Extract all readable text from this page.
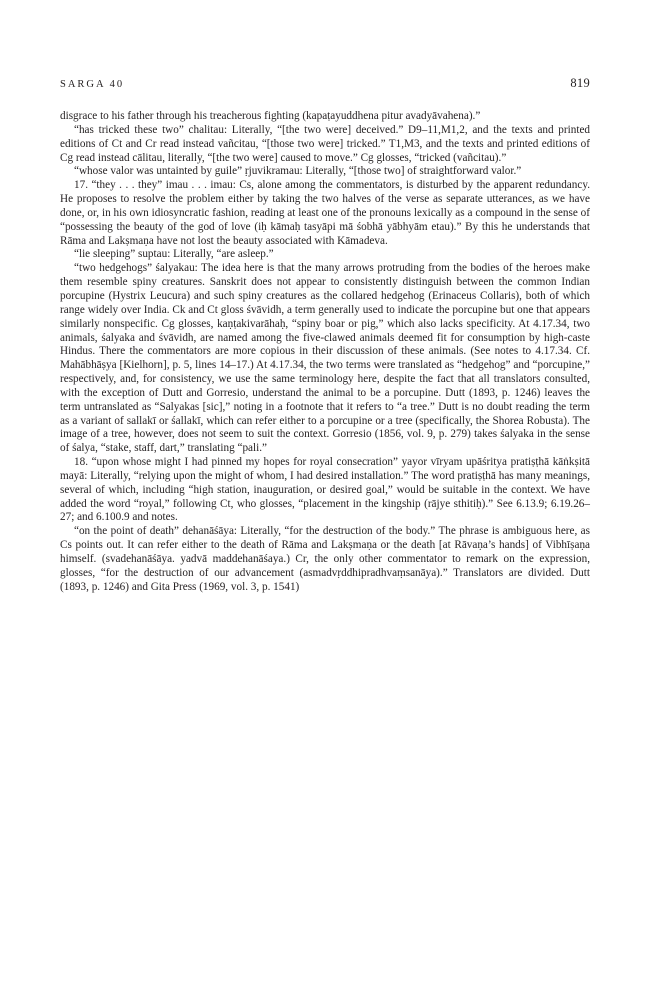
SARGA 40	819

disgrace to his father through his treacherous fighting (kapaṭayuddhena pitur avadyāvahena).”

“has tricked these two” chalitau: Literally, “[the two were] deceived.” D9–11,M1,2, and the texts and printed editions of Ct and Cr read instead vañcitau, “[those two were] tricked.” T1,M3, and the texts and printed editions of Cg read instead cālitau, literally, “[the two were] caused to move.” Cg glosses, “tricked (vañcitau).”

“whose valor was untainted by guile” ṛjuvikramau: Literally, “[those two] of straightforward valor.”

17. “they . . . they” imau . . . imau: Cs, alone among the commentators, is disturbed by the apparent redundancy. He proposes to resolve the problem either by taking the two halves of the verse as separate utterances, as we have done, or, in his own idiosyncratic fashion, reading at least one of the pronouns lexically as a compound in the sense of “possessing the beauty of the god of love (iḥ kāmaḥ tasyāpi mā śobhā yābhyām etau).” By this he understands that Rāma and Lakṣmaṇa have not lost the beauty associated with Kāmadeva.

“lie sleeping” suptau: Literally, “are asleep.”

“two hedgehogs” śalyakau: The idea here is that the many arrows protruding from the bodies of the heroes make them resemble spiny creatures. Sanskrit does not appear to consistently distinguish between the common Indian porcupine (Hystrix Leucura) and such spiny creatures as the collared hedgehog (Erinaceus Collaris), both of which range widely over India. Ck and Ct gloss śvāvidh, a term generally used to indicate the porcupine but one that appears similarly nonspecific. Cg glosses, kaṇṭakivarāhaḥ, “spiny boar or pig,” which also lacks specificity. At 4.17.34, two animals, śalyaka and śvāvidh, are named among the five-clawed animals deemed fit for consumption by high-caste Hindus. There the commentators are more copious in their discussion of these animals. (See notes to 4.17.34. Cf. Mahābhāṣya [Kielhorn], p. 5, lines 14–17.) At 4.17.34, the two terms were translated as “hedgehog” and “porcupine,” respectively, and, for consistency, we use the same terminology here, despite the fact that all translators consulted, with the exception of Dutt and Gorresio, understand the animal to be a porcupine. Dutt (1893, p. 1246) leaves the term untranslated as “Salyakas [sic],” noting in a footnote that it refers to “a tree.” Dutt is no doubt reading the term as a variant of sallakī or śallakī, which can refer either to a porcupine or a tree (specifically, the Shorea Robusta). The image of a tree, however, does not seem to suit the context. Gorresio (1856, vol. 9, p. 279) takes śalyaka in the sense of śalya, “stake, staff, dart,” translating “pali.”

18. “upon whose might I had pinned my hopes for royal consecration” yayor vīryam upāśritya pratiṣṭhā kāṅkṣitā mayā: Literally, “relying upon the might of whom, I had desired installation.” The word pratiṣṭhā has many meanings, several of which, including “high station, inauguration, or desired goal,” would be suitable in the context. We have added the word “royal,” following Ct, who glosses, “placement in the kingship (rājye sthitiḥ).” See 6.13.9; 6.19.26–27; and 6.100.9 and notes.

“on the point of death” dehanāśāya: Literally, “for the destruction of the body.” The phrase is ambiguous here, as Cs points out. It can refer either to the death of Rāma and Lakṣmaṇa or the death [at Rāvaṇa’s hands] of Vibhīṣaṇa himself. (svadehanāśāya. yadvā maddehanāśaya.) Cr, the only other commentator to remark on the expression, glosses, “for the destruction of our advancement (asmadvṛddhipradhvaṃsanāya).” Translators are divided. Dutt (1893, p. 1246) and Gita Press (1969, vol. 3, p. 1541)
